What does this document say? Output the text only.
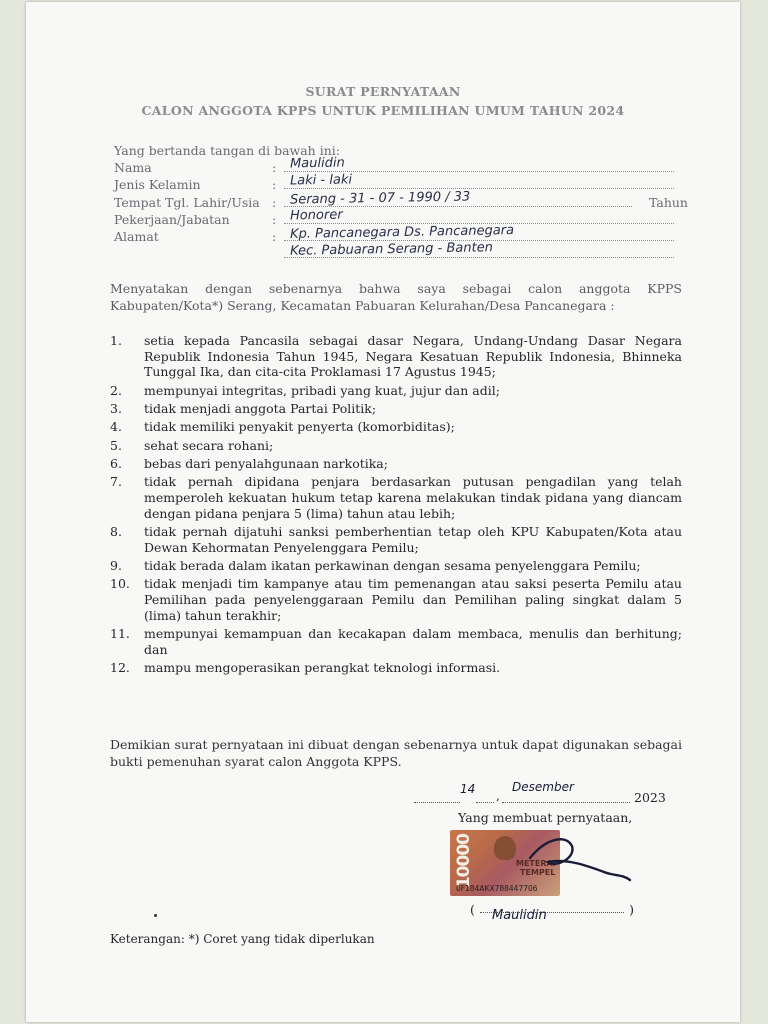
SURAT PERNYATAAN
CALON ANGGOTA KPPS UNTUK PEMILIHAN UMUM TAHUN 2024
Yang bertanda tangan di bawah ini:
Nama	: Maulidin
Jenis Kelamin	: Laki - laki
Tempat Tgl. Lahir/Usia : Serang - 31 - 07 - 1990 / 33	Tahun
Pekerjaan/Jabatan	: Honorer
Alamat	: Kp. Pancanegara Ds. Pancanegara
Kec. Pabuaran Serang - Banten
Menyatakan dengan sebenarnya bahwa saya sebagai calon anggota KPPS Kabupaten/Kota*) Serang, Kecamatan Pabuaran Kelurahan/Desa Pancanegara :
1. setia kepada Pancasila sebagai dasar Negara, Undang-Undang Dasar Negara Republik Indonesia Tahun 1945, Negara Kesatuan Republik Indonesia, Bhinneka Tunggal Ika, dan cita-cita Proklamasi 17 Agustus 1945;
2. mempunyai integritas, pribadi yang kuat, jujur dan adil;
3. tidak menjadi anggota Partai Politik;
4. tidak memiliki penyakit penyerta (komorbiditas);
5. sehat secara rohani;
6. bebas dari penyalahgunaan narkotika;
7. tidak pernah dipidana penjara berdasarkan putusan pengadilan yang telah memperoleh kekuatan hukum tetap karena melakukan tindak pidana yang diancam dengan pidana penjara 5 (lima) tahun atau lebih;
8. tidak pernah dijatuhi sanksi pemberhentian tetap oleh KPU Kabupaten/Kota atau Dewan Kehormatan Penyelenggara Pemilu;
9. tidak berada dalam ikatan perkawinan dengan sesama penyelenggara Pemilu;
10. tidak menjadi tim kampanye atau tim pemenangan atau saksi peserta Pemilu atau Pemilihan pada penyelenggaraan Pemilu dan Pemilihan paling singkat dalam 5 (lima) tahun terakhir;
11. mempunyai kemampuan dan kecakapan dalam membaca, menulis dan berhitung; dan
12. mampu mengoperasikan perangkat teknologi informasi.
Demikian surat pernyataan ini dibuat dengan sebenarnya untuk dapat digunakan sebagai bukti pemenuhan syarat calon Anggota KPPS.
14 ,
Desember
2023
Yang membuat pernyataan,
10000	METERAI
TEMPEL
0F184AKX788447706
(	)
Maulidin
Keterangan: *) Coret yang tidak diperlukan
